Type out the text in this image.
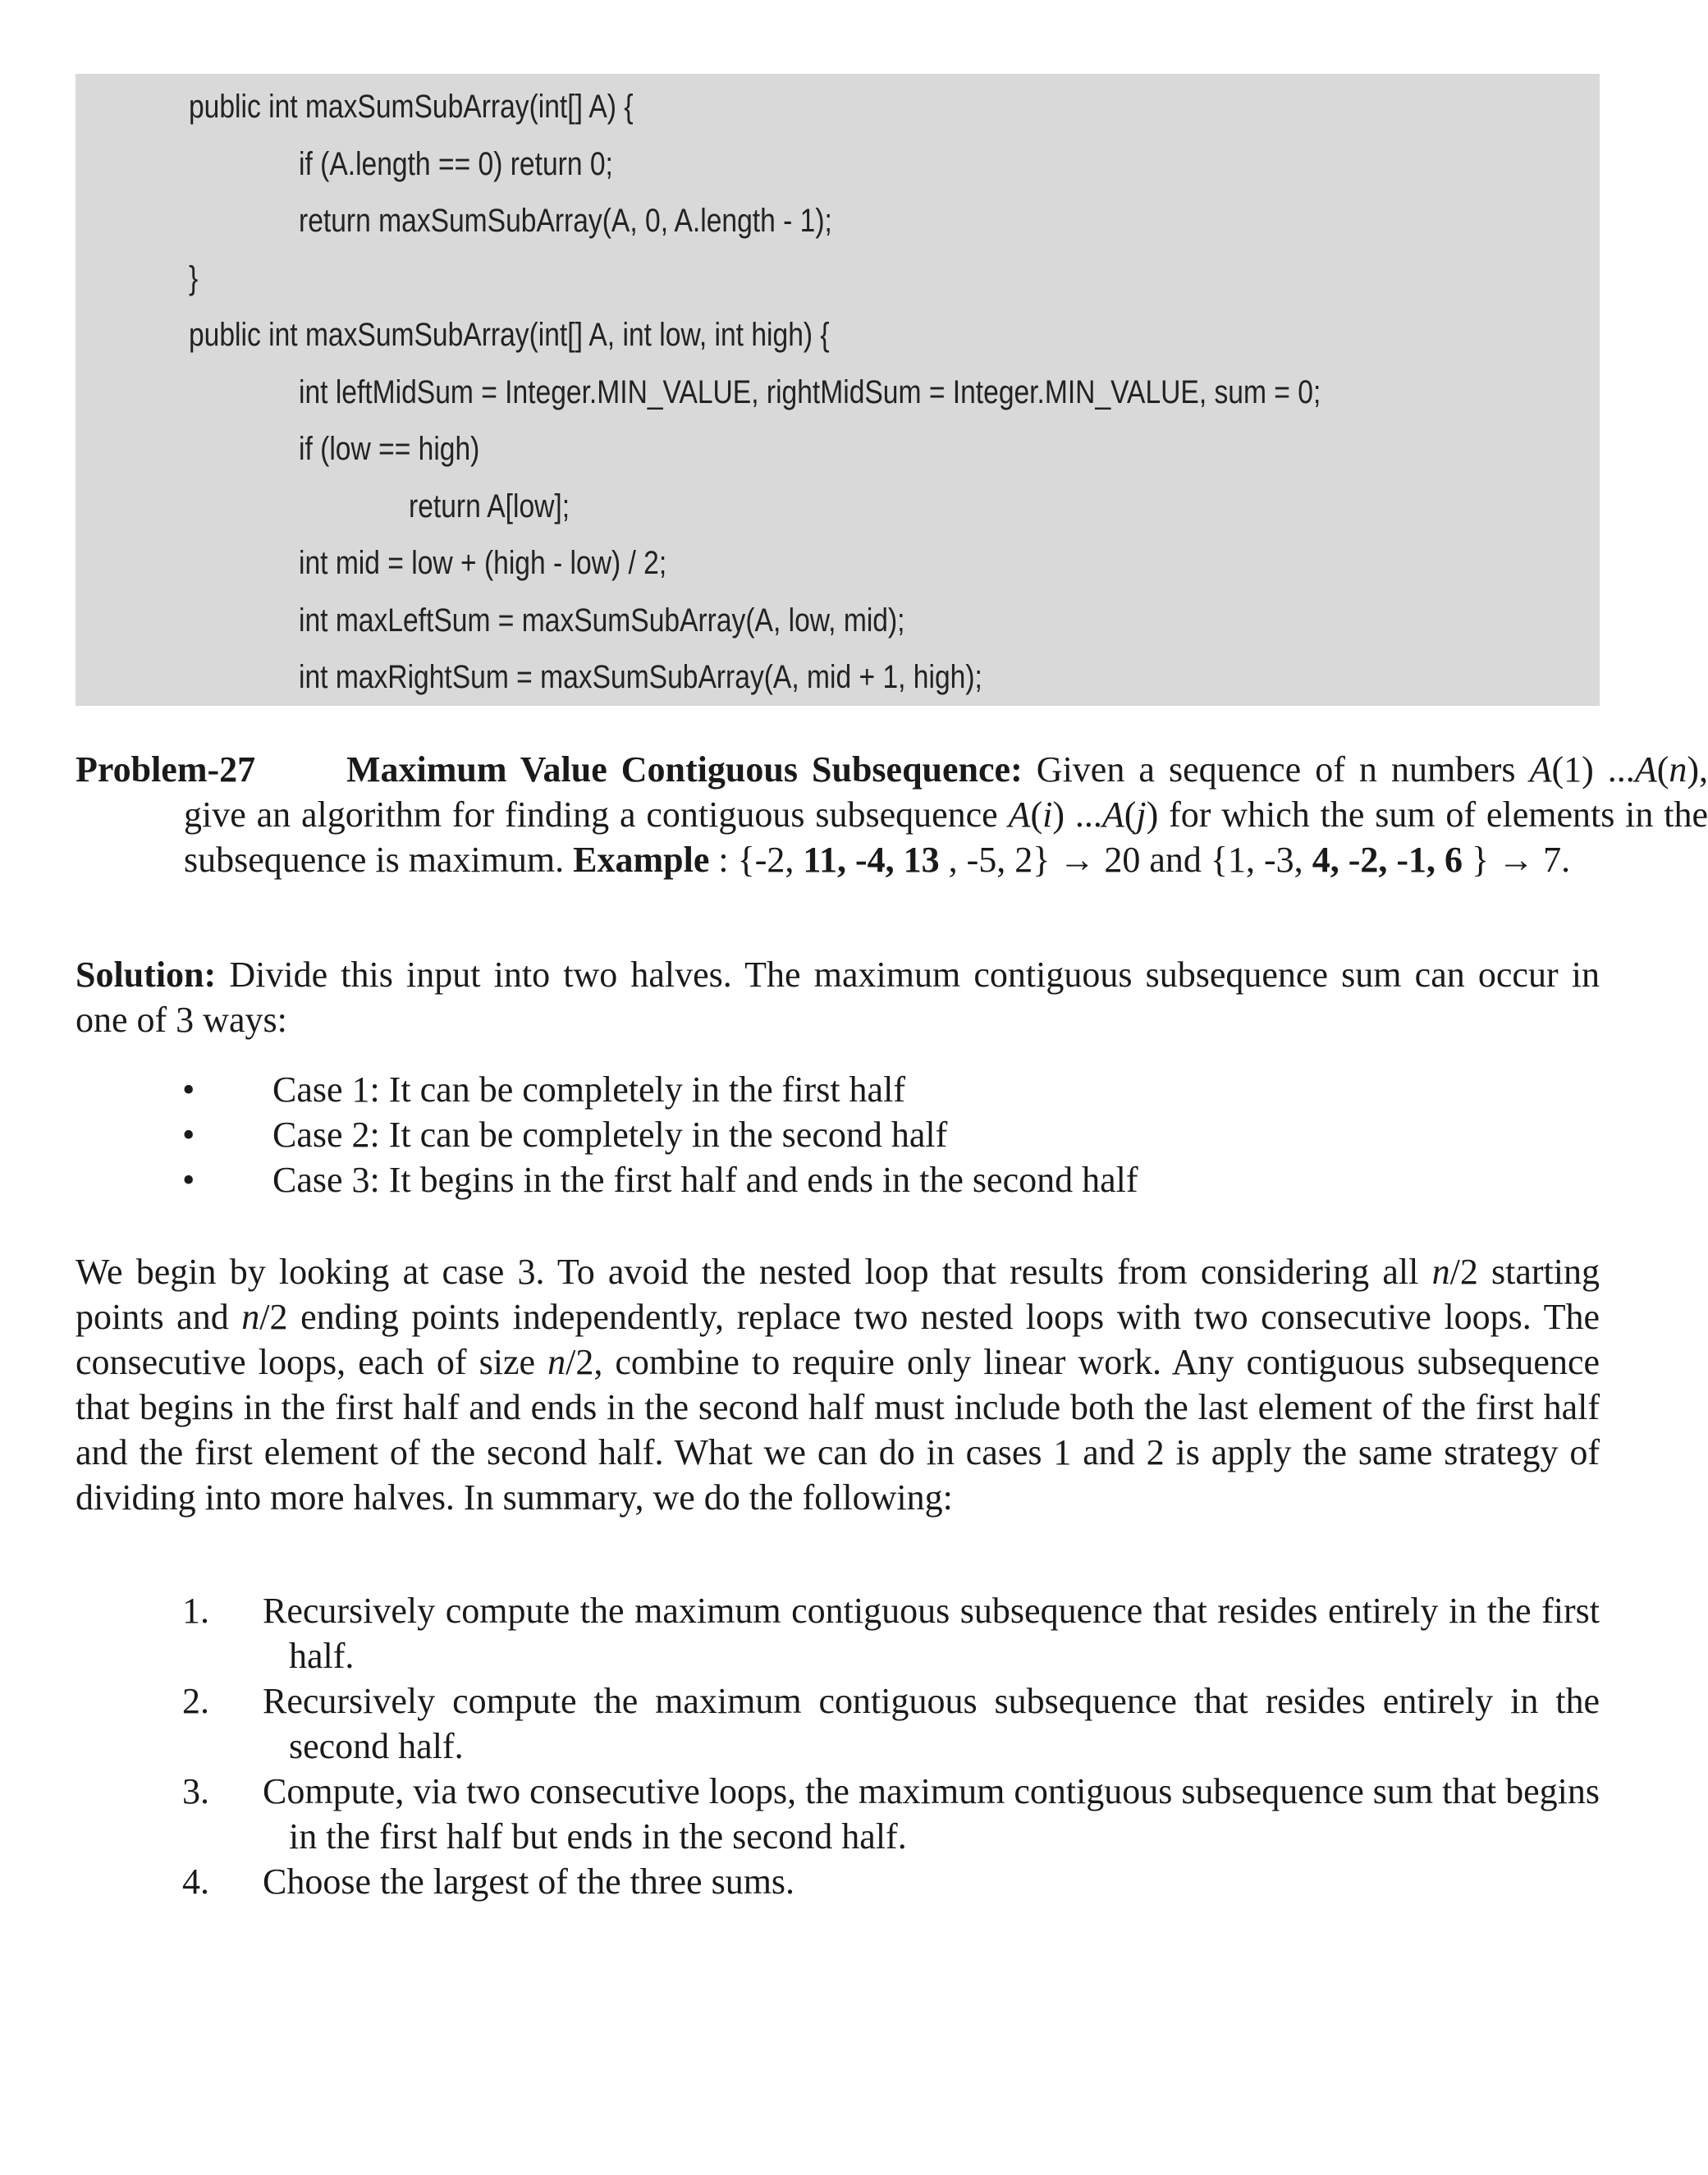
public int maxSumSubArray(int[] A) {
if (A.length == 0) return 0;
return maxSumSubArray(A, 0, A.length - 1);
}
public int maxSumSubArray(int[] A, int low, int high) {
int leftMidSum = Integer.MIN_VALUE, rightMidSum = Integer.MIN_VALUE, sum = 0;
if (low == high)
return A[low];
int mid = low + (high - low) / 2;
int maxLeftSum = maxSumSubArray(A, low, mid);
int maxRightSum = maxSumSubArray(A, mid + 1, high);
Problem-27	Maximum Value Contiguous Subsequence: Given a sequence of n numbers A(1) ...A(n), give an algorithm for finding a contiguous subsequence A(i) ...A(j) for which the sum of elements in the subsequence is maximum. Example : {-2, 11, -4, 13 , -5, 2} → 20 and {1, -3, 4, -2, -1, 6 } → 7.
Solution: Divide this input into two halves. The maximum contiguous subsequence sum can occur in one of 3 ways:
• Case 1: It can be completely in the first half
• Case 2: It can be completely in the second half
• Case 3: It begins in the first half and ends in the second half
We begin by looking at case 3. To avoid the nested loop that results from considering all n/2 starting points and n/2 ending points independently, replace two nested loops with two consecutive loops. The consecutive loops, each of size n/2, combine to require only linear work. Any contiguous subsequence that begins in the first half and ends in the second half must include both the last element of the first half and the first element of the second half. What we can do in cases 1 and 2 is apply the same strategy of dividing into more halves. In summary, we do the following:
1. Recursively compute the maximum contiguous subsequence that resides entirely in the first half.
2. Recursively compute the maximum contiguous subsequence that resides entirely in the second half.
3. Compute, via two consecutive loops, the maximum contiguous subsequence sum that begins in the first half but ends in the second half.
4. Choose the largest of the three sums.
